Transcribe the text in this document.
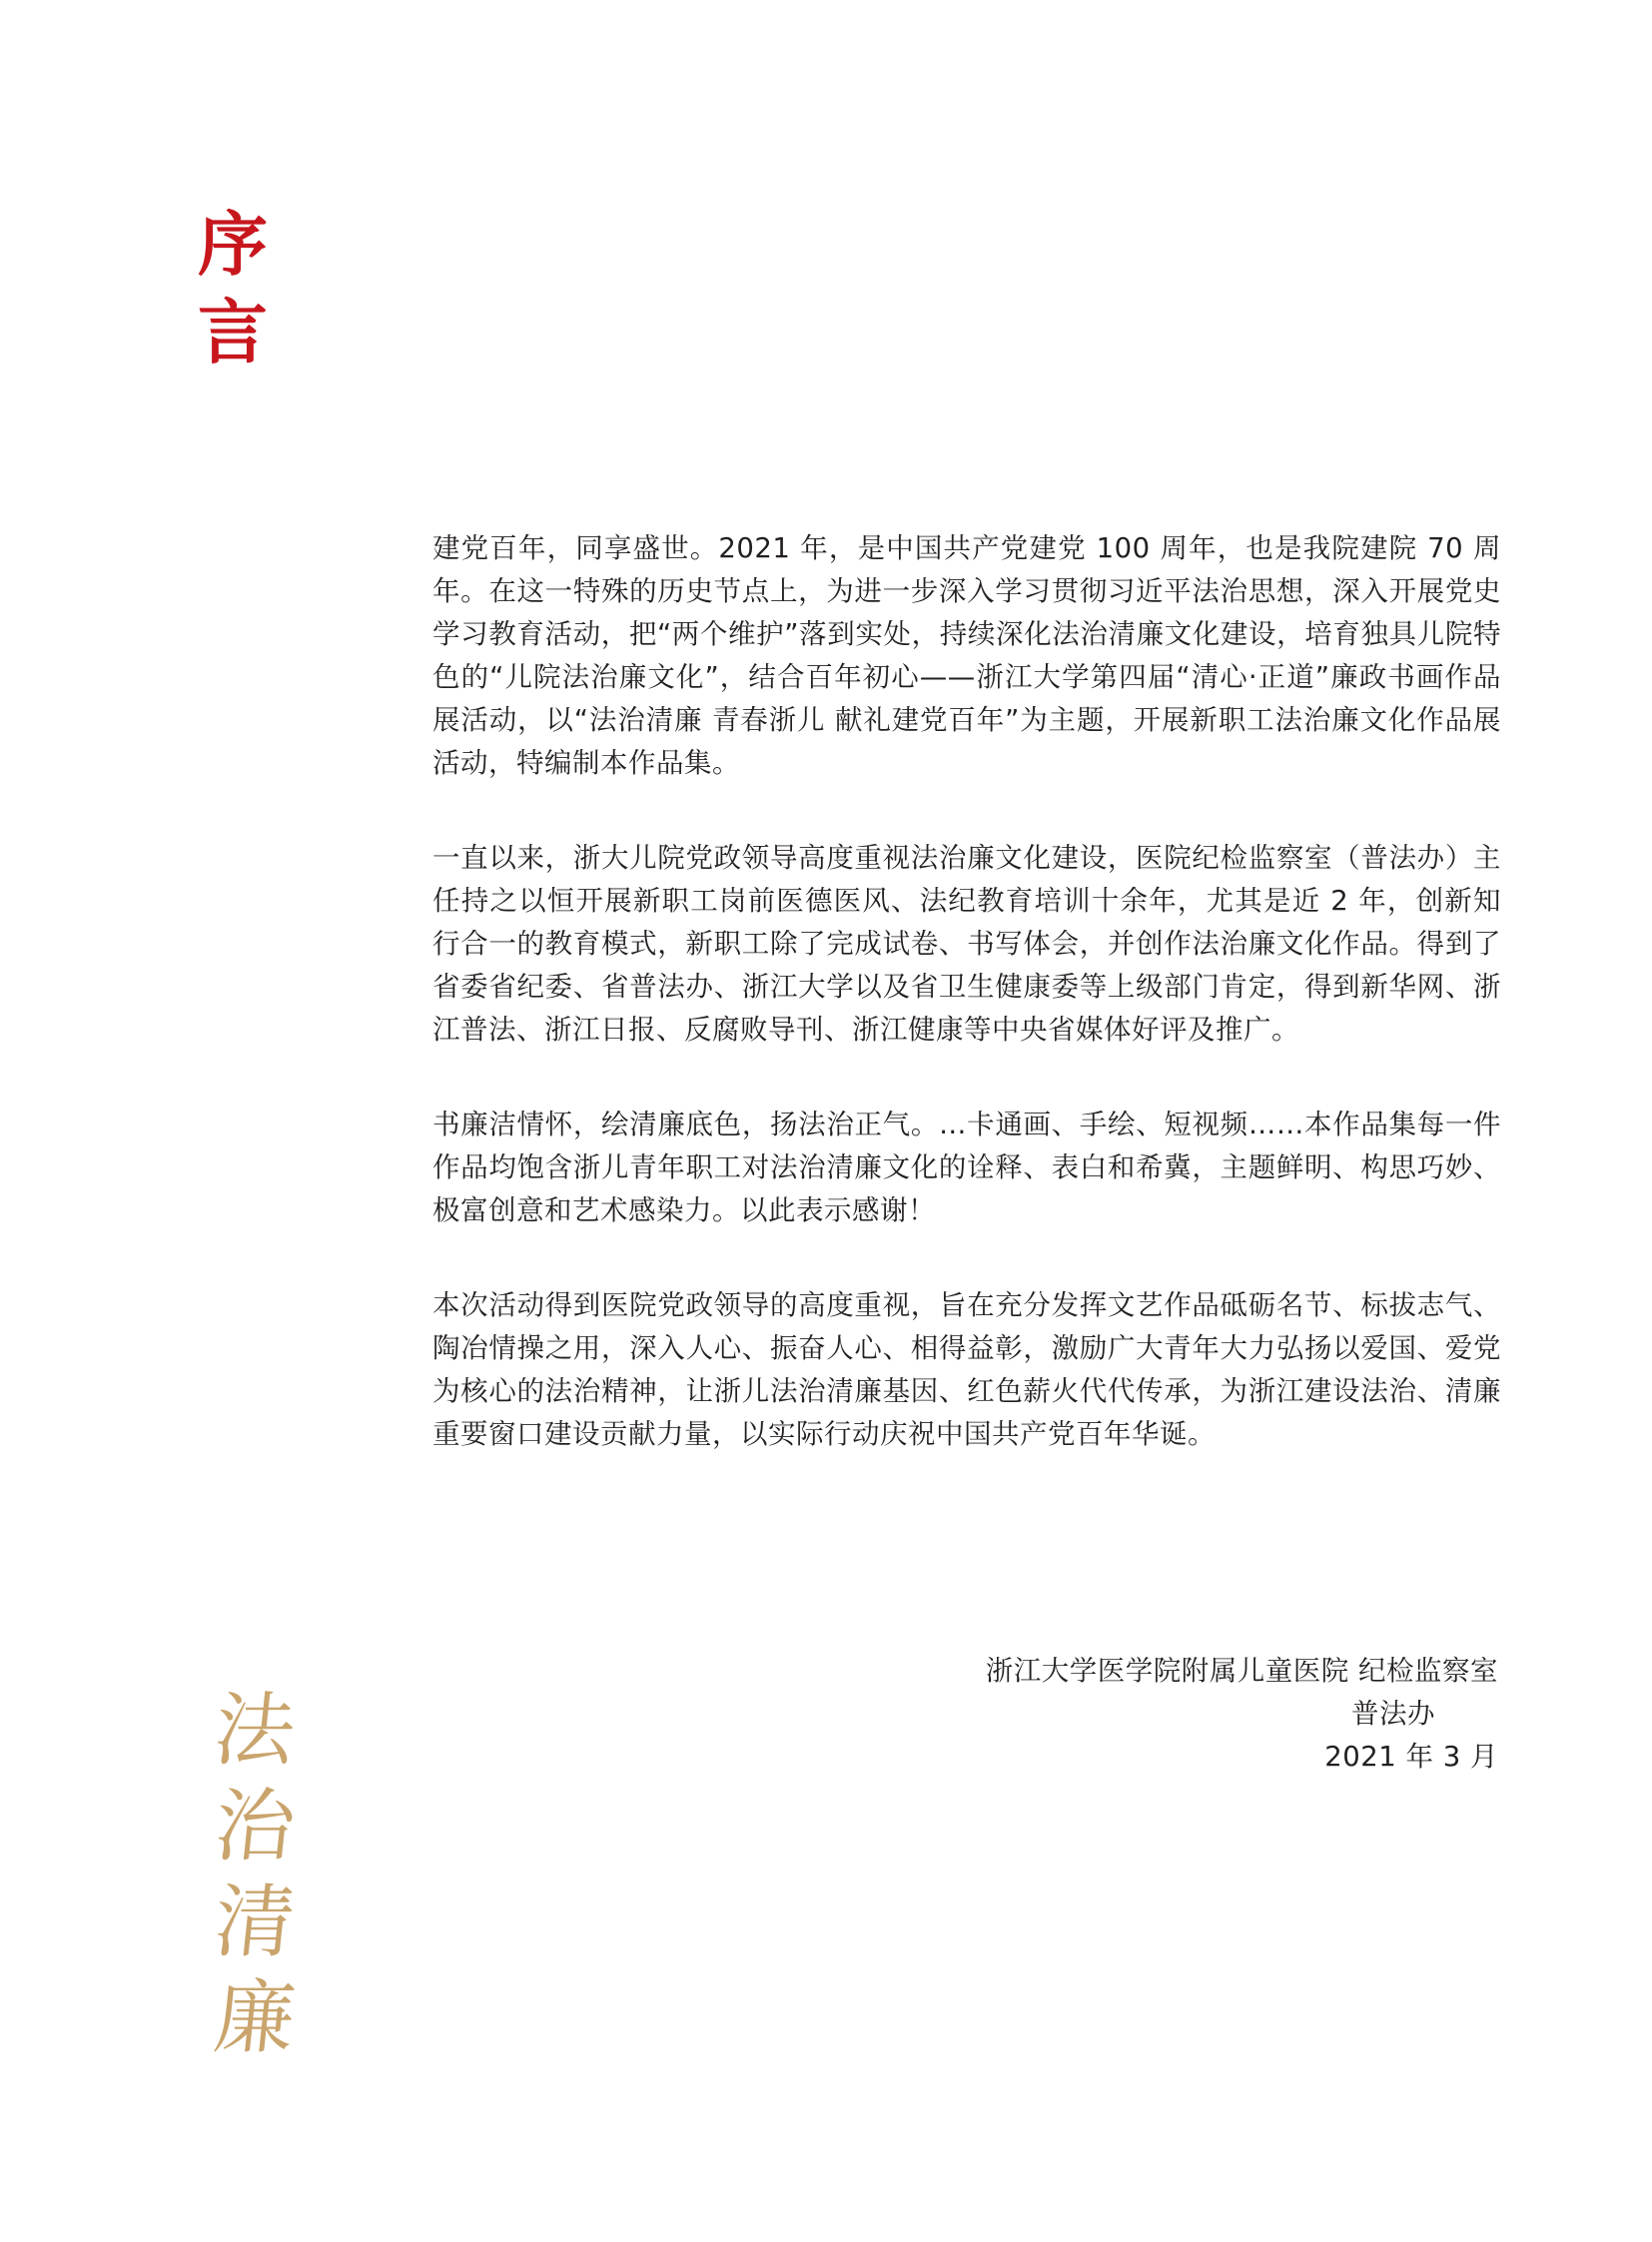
序
言

建党百年，同享盛世。2021 年，是中国共产党建党 100 周年，也是我院建院 70 周年。在这一特殊的历史节点上，为进一步深入学习贯彻习近平法治思想，深入开展党史学习教育活动，把“两个维护”落到实处，持续深化法治清廉文化建设，培育独具儿院特色的“儿院法治廉文化”，结合百年初心——浙江大学第四届“清心·正道”廉政书画作品展活动，以“法治清廉 青春浙儿 献礼建党百年”为主题，开展新职工法治廉文化作品展活动，特编制本作品集。

一直以来，浙大儿院党政领导高度重视法治廉文化建设，医院纪检监察室（普法办）主任持之以恒开展新职工岗前医德医风、法纪教育培训十余年，尤其是近 2 年，创新知行合一的教育模式，新职工除了完成试卷、书写体会，并创作法治廉文化作品。得到了省委省纪委、省普法办、浙江大学以及省卫生健康委等上级部门肯定，得到新华网、浙江普法、浙江日报、反腐败导刊、浙江健康等中央省媒体好评及推广。

书廉洁情怀，绘清廉底色，扬法治正气。…卡通画、手绘、短视频……本作品集每一件作品均饱含浙儿青年职工对法治清廉文化的诠释、表白和希冀，主题鲜明、构思巧妙、极富创意和艺术感染力。以此表示感谢！

本次活动得到医院党政领导的高度重视，旨在充分发挥文艺作品砥砺名节、标拔志气、陶冶情操之用，深入人心、振奋人心、相得益彰，激励广大青年大力弘扬以爱国、爱党为核心的法治精神，让浙儿法治清廉基因、红色薪火代代传承，为浙江建设法治、清廉重要窗口建设贡献力量，以实际行动庆祝中国共产党百年华诞。

浙江大学医学院附属儿童医院 纪检监察室
普法办
2021 年 3 月
法
治
清
廉
